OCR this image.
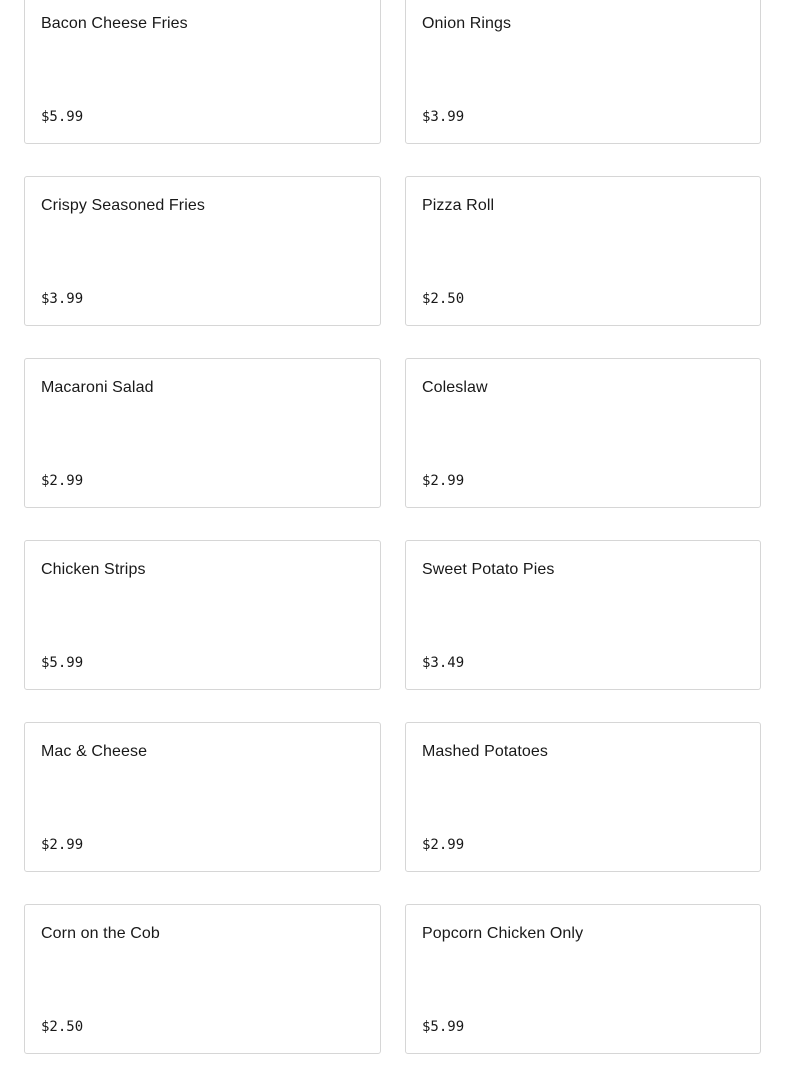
Bacon Cheese Fries
$5.99
Onion Rings
$3.99
Crispy Seasoned Fries
$3.99
Pizza Roll
$2.50
Macaroni Salad
$2.99
Coleslaw
$2.99
Chicken Strips
$5.99
Sweet Potato Pies
$3.49
Mac & Cheese
$2.99
Mashed Potatoes
$2.99
Corn on the Cob
$2.50
Popcorn Chicken Only
$5.99
